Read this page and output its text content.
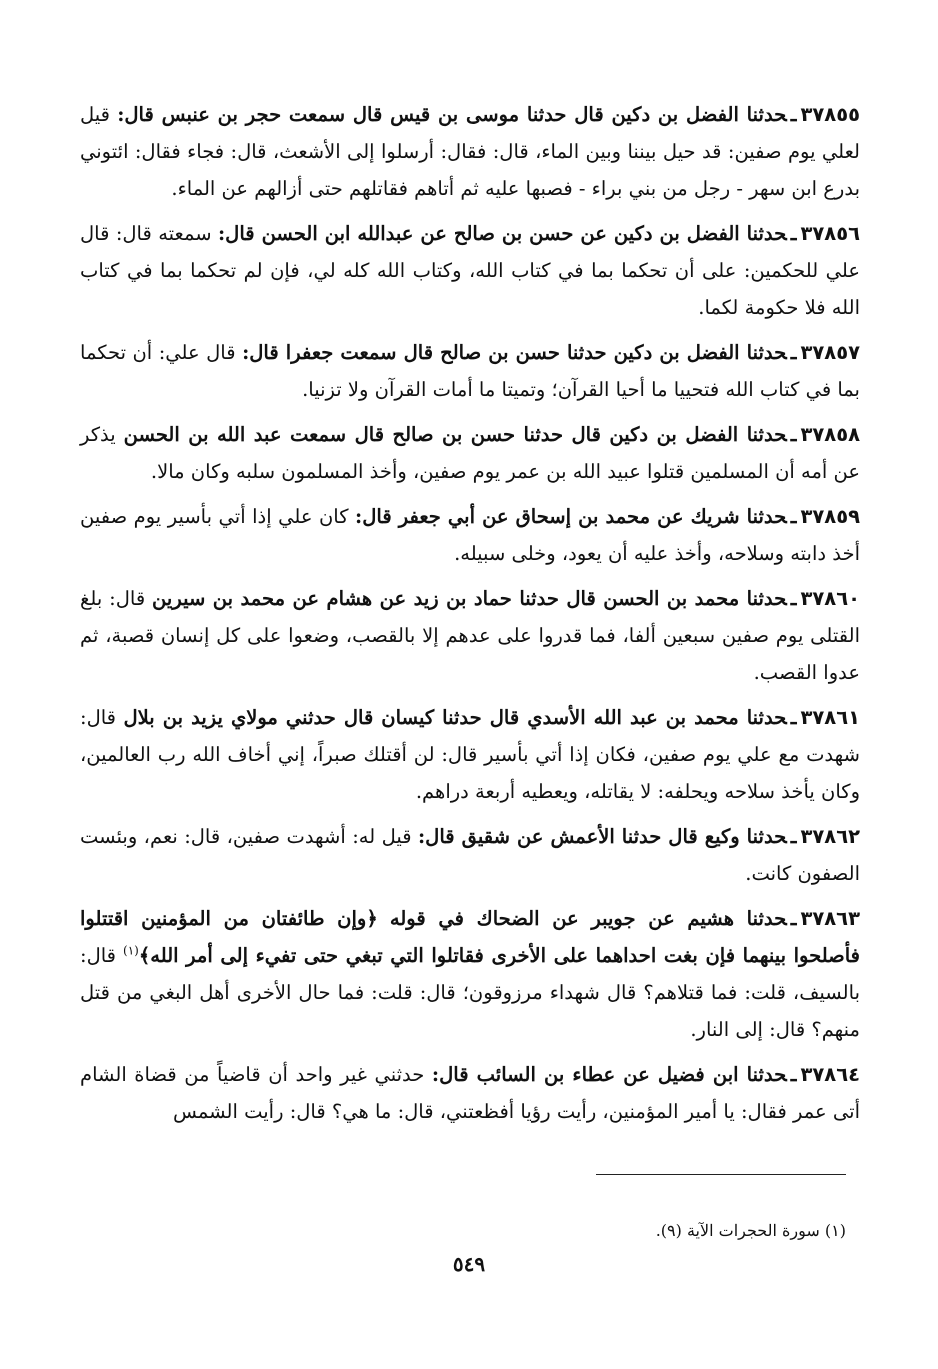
٣٧٨٥٥ـحدثنا الفضل بن دكين قال حدثنا موسى بن قيس قال سمعت حجر بن عنبس قال: قيل لعلي يوم صفين: قد حيل بيننا وبين الماء، قال: فقال: أرسلوا إلى الأشعث، قال: فجاء فقال: ائتوني بدرع ابن سهر - رجل من بني براء - فصبها عليه ثم أتاهم فقاتلهم حتى أزالهم عن الماء.

٣٧٨٥٦ـحدثنا الفضل بن دكين عن حسن بن صالح عن عبدالله ابن الحسن قال: سمعته قال: قال علي للحكمين: على أن تحكما بما في كتاب الله، وكتاب الله كله لي، فإن لم تحكما بما في كتاب الله فلا حكومة لكما.

٣٧٨٥٧ـحدثنا الفضل بن دكين حدثنا حسن بن صالح قال سمعت جعفرا قال: قال علي: أن تحكما بما في كتاب الله فتحييا ما أحيا القرآن؛ وتميتا ما أمات القرآن ولا تزنيا.

٣٧٨٥٨ـحدثنا الفضل بن دكين قال حدثنا حسن بن صالح قال سمعت عبد الله بن الحسن يذكر عن أمه أن المسلمين قتلوا عبيد الله بن عمر يوم صفين، وأخذ المسلمون سلبه وكان مالا.

٣٧٨٥٩ـحدثنا شريك عن محمد بن إسحاق عن أبي جعفر قال: كان علي إذا أتي بأسير يوم صفين أخذ دابته وسلاحه، وأخذ عليه أن يعود، وخلى سبيله.

٣٧٨٦٠ـحدثنا محمد بن الحسن قال حدثنا حماد بن زيد عن هشام عن محمد بن سيرين قال: بلغ القتلى يوم صفين سبعين ألفا، فما قدروا على عدهم إلا بالقصب، وضعوا على كل إنسان قصبة، ثم عدوا القصب.

٣٧٨٦١ـحدثنا محمد بن عبد الله الأسدي قال حدثنا كيسان قال حدثني مولاي يزيد بن بلال قال: شهدت مع علي يوم صفين، فكان إذا أتي بأسير قال: لن أقتلك صبراً، إني أخاف الله رب العالمين، وكان يأخذ سلاحه ويحلفه: لا يقاتله، ويعطيه أربعة دراهم.

٣٧٨٦٢ـحدثنا وكيع قال حدثنا الأعمش عن شقيق قال: قيل له: أشهدت صفين، قال: نعم، وبئست الصفون كانت.

٣٧٨٦٣ـحدثنا هشيم عن جويبر عن الضحاك في قوله ﴿وإن طائفتان من المؤمنين اقتتلوا فأصلحوا بينهما فإن بغت احداهما على الأخرى فقاتلوا التي تبغي حتى تفيء إلى أمر الله﴾$^{(١)}$ قال: بالسيف، قلت: فما قتلاهم؟ قال شهداء مرزوقون؛ قال: قلت: فما حال الأخرى أهل البغي من قتل منهم؟ قال: إلى النار.

٣٧٨٦٤ـحدثنا ابن فضيل عن عطاء بن السائب قال: حدثني غير واحد أن قاضياً من قضاة الشام أتى عمر فقال: يا أمير المؤمنين، رأيت رؤيا أفظعتني، قال: ما هي؟ قال: رأيت الشمس

(١) سورة الحجرات الآية (٩).
٥٤٩
